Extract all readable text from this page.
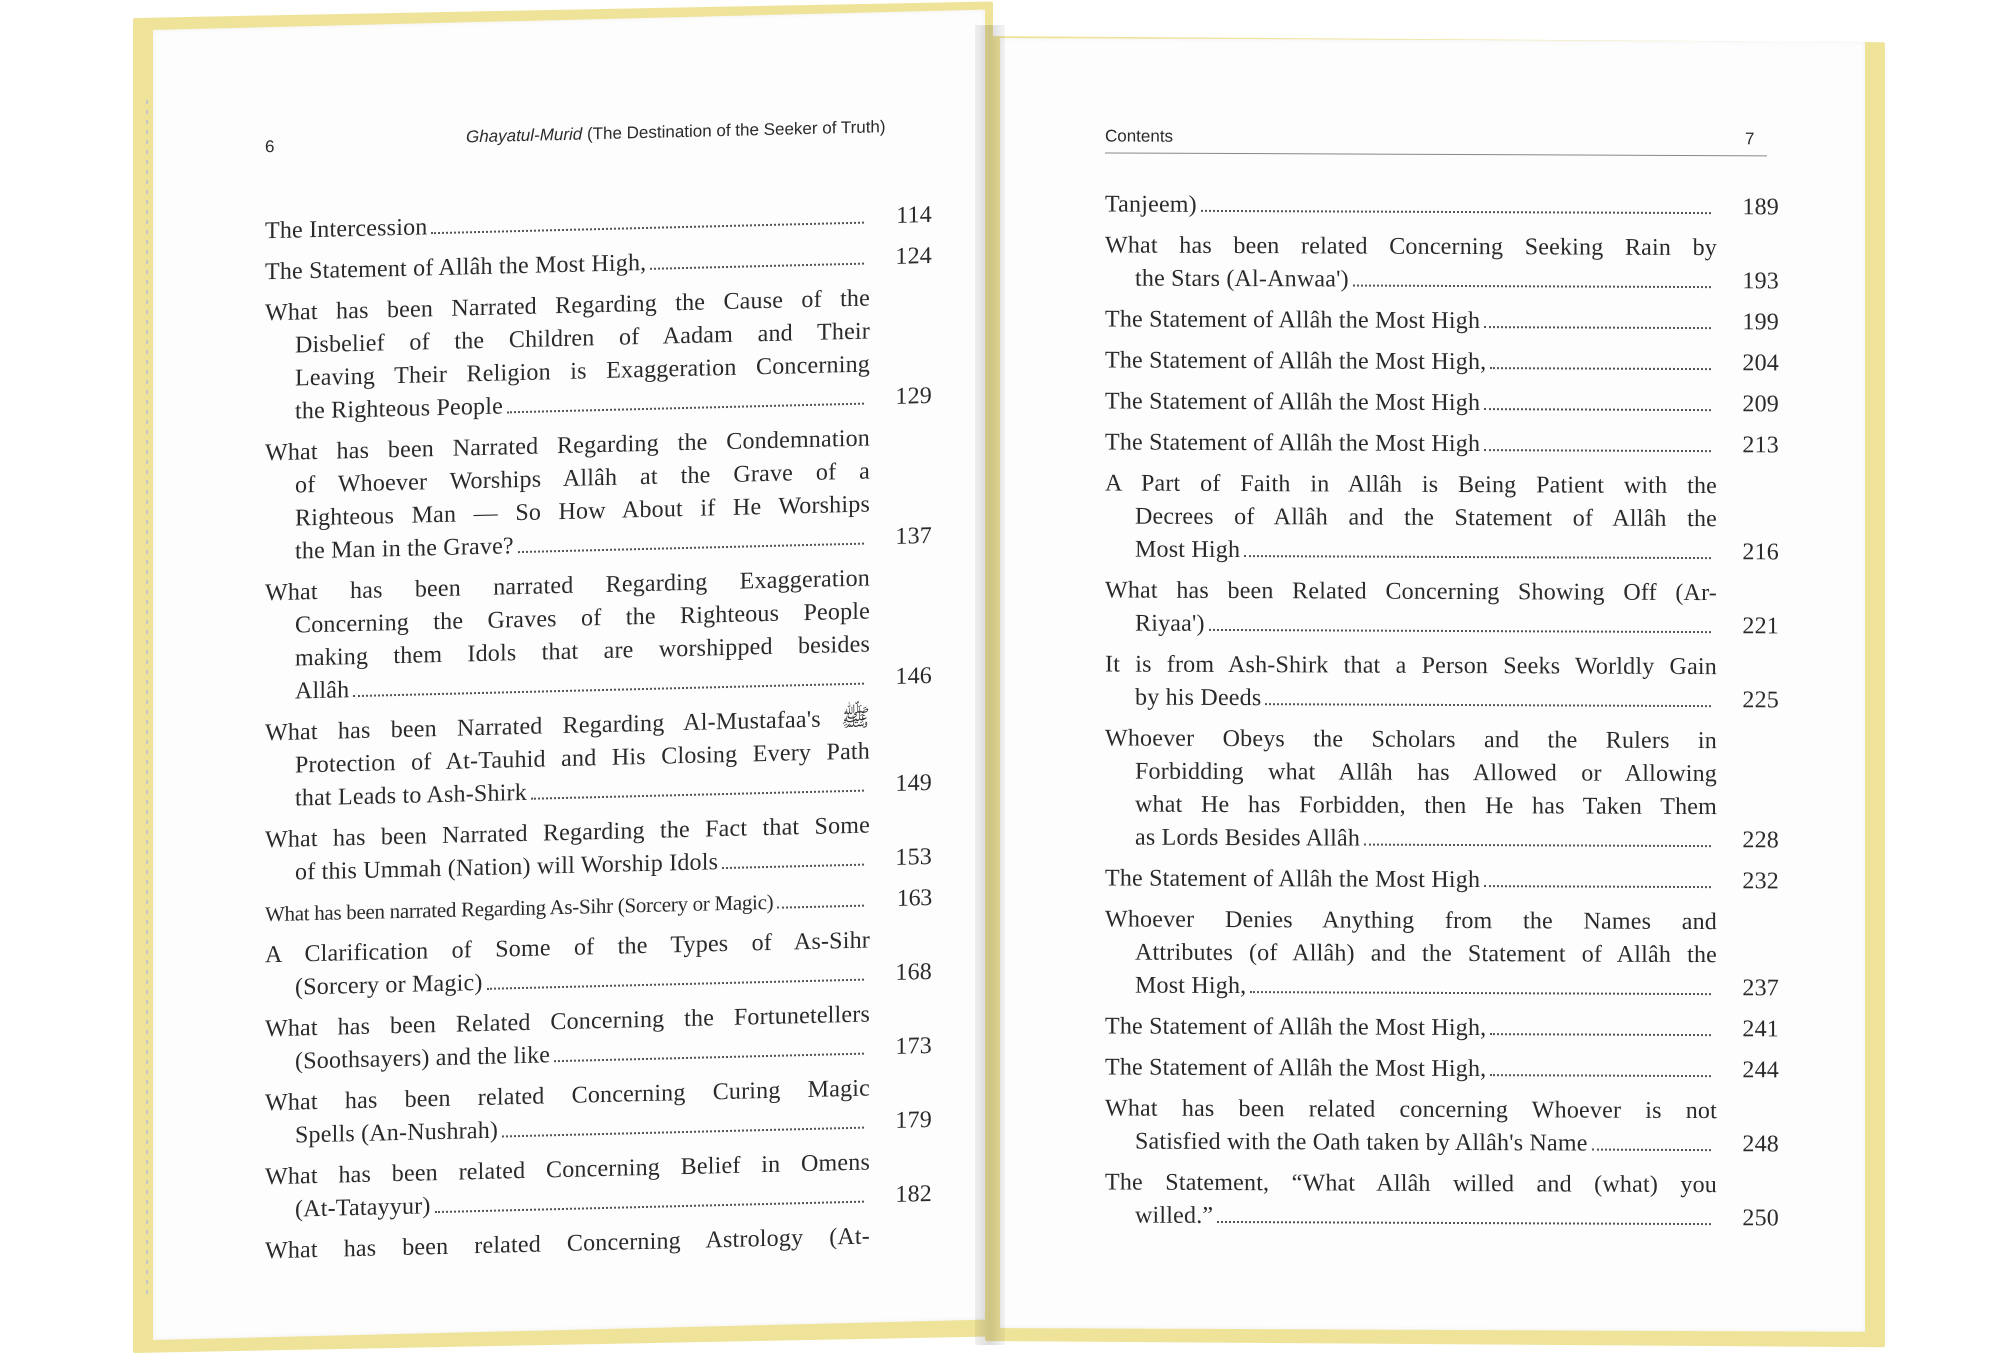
6
Ghayatul-Murid (The Destination of the Seeker of Truth)
The Intercession	114
The Statement of Allâh the Most High,	124
What has been Narrated Regarding the Cause of the
Disbelief of the Children of Aadam and Their
Leaving Their Religion is Exaggeration Concerning
the Righteous People	129
What has been Narrated Regarding the Condemnation
of Whoever Worships Allâh at the Grave of a
Righteous Man — So How About if He Worships
the Man in the Grave?	137
What has been narrated Regarding Exaggeration
Concerning the Graves of the Righteous People
making them Idols that are worshipped besides
Allâh
146
What has been Narrated Regarding Al-Mustafaa's ﷺ
Protection of At-Tauhid and His Closing Every Path
that Leads to Ash-Shirk	149
What has been Narrated Regarding the Fact that Some
of this Ummah (Nation) will Worship Idols	153
What has been narrated Regarding As-Sihr (Sorcery or Magic)	163
A Clarification of Some of the Types of As-Sihr
(Sorcery or Magic)	168
What has been Related Concerning the Fortunetellers
(Soothsayers) and the like	173
What has been related Concerning Curing Magic
Spells (An-Nushrah)	179
What has been related Concerning Belief in Omens
(At-Tatayyur)	182
What has been related Concerning Astrology (At-
Contents	7
Tanjeem)	189
What has been related Concerning Seeking Rain by
the Stars (Al-Anwaa')	193
The Statement of Allâh the Most High	199
The Statement of Allâh the Most High,	204
The Statement of Allâh the Most High	209
The Statement of Allâh the Most High	213
A Part of Faith in Allâh is Being Patient with the
Decrees of Allâh and the Statement of Allâh the
Most High	216
What has been Related Concerning Showing Off (Ar-
Riyaa')	221
It is from Ash-Shirk that a Person Seeks Worldly Gain
by his Deeds	225
Whoever Obeys the Scholars and the Rulers in
Forbidding what Allâh has Allowed or Allowing
what He has Forbidden, then He has Taken Them
as Lords Besides Allâh	228
The Statement of Allâh the Most High	232
Whoever Denies Anything from the Names and
Attributes (of Allâh) and the Statement of Allâh the
Most High,	237
The Statement of Allâh the Most High,	241
The Statement of Allâh the Most High,	244
What has been related concerning Whoever is not
Satisfied with the Oath taken by Allâh's Name	248
The Statement, “What Allâh willed and (what) you
willed.”	250
